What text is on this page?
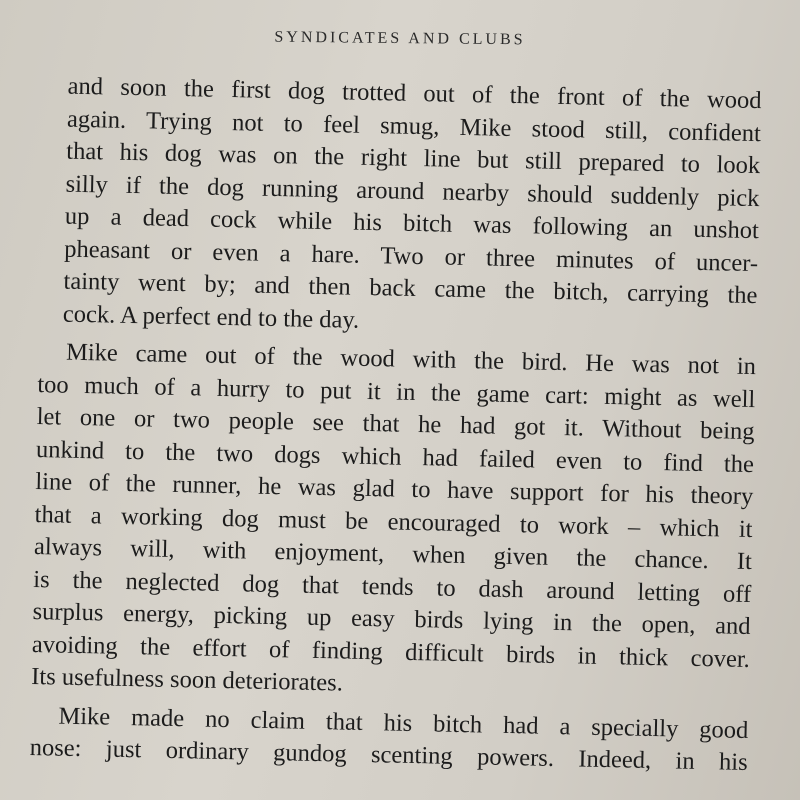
SYNDICATES AND CLUBS
and soon the first dog trotted out of the front of the wood
again. Trying not to feel smug, Mike stood still, confident
that his dog was on the right line but still prepared to look
silly if the dog running around nearby should suddenly pick
up a dead cock while his bitch was following an unshot
pheasant or even a hare. Two or three minutes of uncer-
tainty went by; and then back came the bitch, carrying the
cock. A perfect end to the day.
Mike came out of the wood with the bird. He was not in
too much of a hurry to put it in the game cart: might as well
let one or two people see that he had got it. Without being
unkind to the two dogs which had failed even to find the
line of the runner, he was glad to have support for his theory
that a working dog must be encouraged to work – which it
always will, with enjoyment, when given the chance. It
is the neglected dog that tends to dash around letting off
surplus energy, picking up easy birds lying in the open, and
avoiding the effort of finding difficult birds in thick cover.
Its usefulness soon deteriorates.
Mike made no claim that his bitch had a specially good
nose: just ordinary gundog scenting powers. Indeed, in his
